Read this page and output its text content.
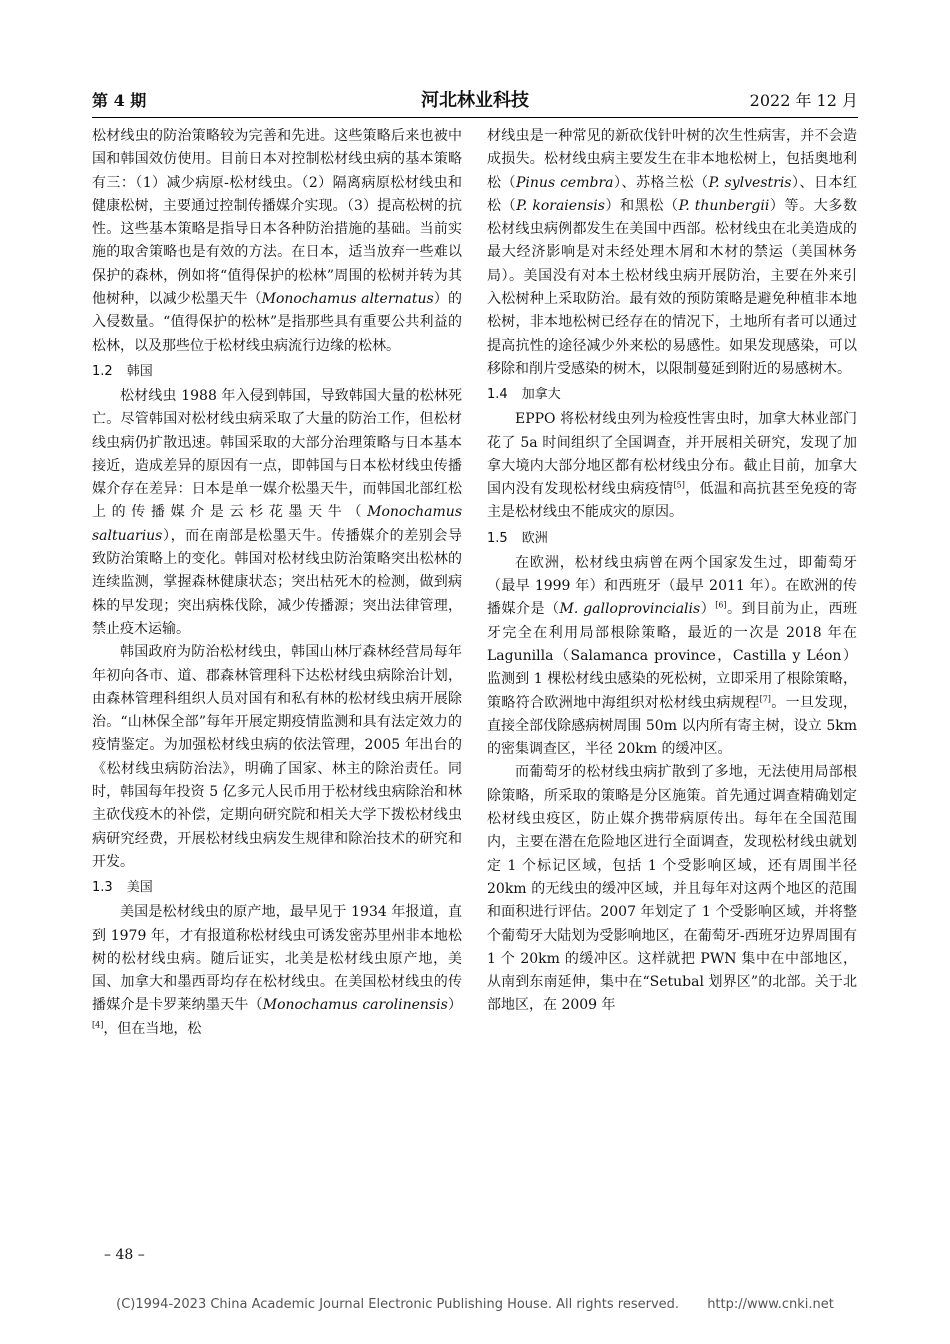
第 4 期	河北林业科技	2022 年 12 月

松材线虫的防治策略较为完善和先进。这些策略后来也被中国和韩国效仿使用。目前日本对控制松材线虫病的基本策略有三：（1）减少病原-松材线虫。（2）隔离病原松材线虫和健康松树，主要通过控制传播媒介实现。（3）提高松树的抗性。这些基本策略是指导日本各种防治措施的基础。当前实施的取舍策略也是有效的方法。在日本，适当放弃一些难以保护的森林，例如将“值得保护的松林”周围的松树并转为其他树种，以减少松墨天牛（Monochamus alternatus）的入侵数量。“值得保护的松林”是指那些具有重要公共利益的松林，以及那些位于松材线虫病流行边缘的松林。

1.2 韩国

松材线虫 1988 年入侵到韩国，导致韩国大量的松林死亡。尽管韩国对松材线虫病采取了大量的防治工作，但松材线虫病仍扩散迅速。韩国采取的大部分治理策略与日本基本接近，造成差异的原因有一点，即韩国与日本松材线虫传播媒介存在差异：日本是单一媒介松墨天牛，而韩国北部红松上的传播媒介是云杉花墨天牛（Monochamus saltuarius），而在南部是松墨天牛。传播媒介的差别会导致防治策略上的变化。韩国对松材线虫防治策略突出松林的连续监测，掌握森林健康状态；突出枯死木的检测，做到病株的早发现；突出病株伐除，减少传播源；突出法律管理，禁止疫木运输。

韩国政府为防治松材线虫，韩国山林厅森林经营局每年年初向各市、道、郡森林管理科下达松材线虫病除治计划，由森林管理科组织人员对国有和私有林的松材线虫病开展除治。“山林保全部”每年开展定期疫情监测和具有法定效力的疫情鉴定。为加强松材线虫病的依法管理，2005 年出台的《松材线虫病防治法》，明确了国家、林主的除治责任。同时，韩国每年投资 5 亿多元人民币用于松材线虫病除治和林主砍伐疫木的补偿，定期向研究院和相关大学下拨松材线虫病研究经费，开展松材线虫病发生规律和除治技术的研究和开发。

1.3 美国

美国是松材线虫的原产地，最早见于 1934 年报道，直到 1979 年，才有报道称松材线虫可诱发密苏里州非本地松树的松材线虫病。随后证实，北美是松材线虫原产地，美国、加拿大和墨西哥均存在松材线虫。在美国松材线虫的传播媒介是卡罗莱纳墨天牛（Monochamus carolinensis）[4]，但在当地，松

材线虫是一种常见的新砍伐针叶树的次生性病害，并不会造成损失。松材线虫病主要发生在非本地松树上，包括奥地利松（Pinus cembra）、苏格兰松（P. sylvestris）、日本红松（P. koraiensis）和黑松（P. thunbergii）等。大多数松材线虫病例都发生在美国中西部。松材线虫在北美造成的最大经济影响是对未经处理木屑和木材的禁运（美国林务局）。美国没有对本土松材线虫病开展防治，主要在外来引入松树种上采取防治。最有效的预防策略是避免种植非本地松树，非本地松树已经存在的情况下，土地所有者可以通过提高抗性的途径减少外来松的易感性。如果发现感染，可以移除和削片受感染的树木，以限制蔓延到附近的易感树木。

1.4 加拿大

EPPO 将松材线虫列为检疫性害虫时，加拿大林业部门花了 5a 时间组织了全国调查，并开展相关研究，发现了加拿大境内大部分地区都有松材线虫分布。截止目前，加拿大国内没有发现松材线虫病疫情[5]，低温和高抗甚至免疫的寄主是松材线虫不能成灾的原因。

1.5 欧洲

在欧洲，松材线虫病曾在两个国家发生过，即葡萄牙（最早 1999 年）和西班牙（最早 2011 年）。在欧洲的传播媒介是（M. galloprovincialis）[6]。到目前为止，西班牙完全在利用局部根除策略，最近的一次是 2018 年在 Lagunilla（Salamanca province，Castilla y Léon）监测到 1 棵松材线虫感染的死松树，立即采用了根除策略，策略符合欧洲地中海组织对松材线虫病规程[7]。一旦发现，直接全部伐除感病树周围 50m 以内所有寄主树，设立 5km 的密集调查区，半径 20km 的缓冲区。

而葡萄牙的松材线虫病扩散到了多地，无法使用局部根除策略，所采取的策略是分区施策。首先通过调查精确划定松材线虫疫区，防止媒介携带病原传出。每年在全国范围内，主要在潜在危险地区进行全面调查，发现松材线虫就划定 1 个标记区域，包括 1 个受影响区域，还有周围半径 20km 的无线虫的缓冲区域，并且每年对这两个地区的范围和面积进行评估。2007 年划定了 1 个受影响区域，并将整个葡萄牙大陆划为受影响地区，在葡萄牙-西班牙边界周围有 1 个 20km 的缓冲区。这样就把 PWN 集中在中部地区，从南到东南延伸，集中在“Setubal 划界区”的北部。关于北部地区，在 2009 年

– 48 –
(C)1994-2023 China Academic Journal Electronic Publishing House. All rights reserved. http://www.cnki.net
